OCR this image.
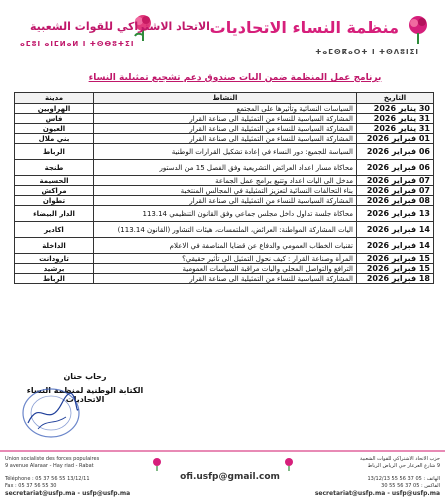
الاتحاد الاشتراكي للقوات الشعبية
ⴰⵎⵓⵏ ⴰⵏⵎⵍⴰⵍ ⵏ ⵜⵙⴱⵓⵜⵉⵏ
منظمة النساء الاتحاديات
ⵜⴰⵎⵙⴽⴰⵔⵜ ⵏ ⵜⵙⴷⵓⵏⵉⵏ
برنامج عمل المنظمة ضمن اليات صندوق دعم تشجيع تمثيلية النساء
التاريخ	النشاط	مدينة
30 يناير 2026	السياسات النسائية وتأثيرها على المجتمع	الهراويين
31 يناير 2026	المشاركة السياسية للنساء من التمثيلية الى صناعة القرار	فاس
31 يناير 2026	المشاركة السياسية للنساء من التمثيلية الى صناعة القرار	العيون
01 فبراير 2026	المشاركة السياسية للنساء من التمثيلية الى صناعة القرار	بني ملال
06 فبراير 2026	السياسة للجميع: دور النساء في إعادة تشكيل القرارات الوطنية	الرباط
06 فبراير 2026	محاكاة مسار اعداد العرائض التشريعية وفق الفصل 15 من الدستور	طنجة
07 فبراير 2026	مدخل الى اليات اعداد وتتبع برامج عمل الجماعة	الحسيمة
07 فبراير 2026	بناء التحالفات النسائية لتعزيز التمثيلية في المجالس المنتخبة	مراكش
08 فبراير 2026	المشاركة السياسية للنساء من التمثيلية الى صناعة القرار	تطوان
13 فبراير 2026	محاكاة جلسة تداول داخل مجلس جماعي وفق القانون التنظيمي 113.14	الدار البيضاء
14 فبراير 2026	اليات المشاركة المواطنة: العرائض، الملتمسات، هيئات التشاور (القانون 113.14)	اكادير
14 فبراير 2026	تقنيات الخطاب العمومي والدفاع عن قضايا المناصفة في الاعلام	الداخلة
15 فبراير 2026	المرأة وصناعة القرار : كيف نحول التمثيل الى تأثير حقيقي؟	تارودانت
15 فبراير 2026	الترافع والتواصل المحلي واليات مراقبة السياسات العمومية	برشيد
18 فبراير 2026	المشاركة السياسية للنساء من التمثيلية الى صناعة القرار	الرباط
رحاب حنان
الكتابة الوطنية لمنظمة النساء الاتحاديات
Union socialiste des forces populaires
9 avenue Alaraar - Hay riad - Rabat
Téléphone : 05 37 56 55 13/12/11
Fax : 05 37 56 55 30
secretariat@usfp.ma - usfp@usfp.ma
ofi.usfp@gmail.com
حزب الاتحاد الاشتراكي للقوات الشعبية
9 شارع العرعار حي الرياض الرباط
الهاتف : 05 37 56 55 13/12/13
الفاكس : 05 37 56 55 30
secretariat@usfp.ma - usfp@usfp.ma
